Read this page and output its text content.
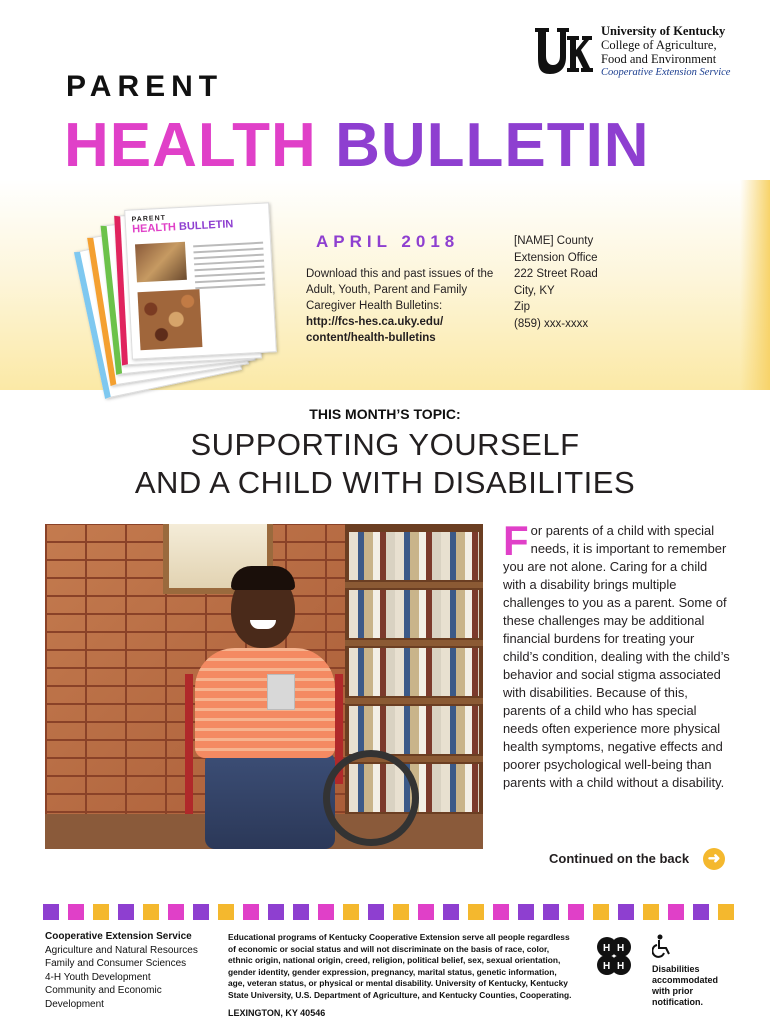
University of Kentucky
College of Agriculture,
Food and Environment
Cooperative Extension Service
PARENT
HEALTH BULLETIN
PARENT
HEALTH BULLETIN
APRIL 2018
Download this and past issues of the Adult, Youth, Parent and Family Caregiver Health Bulletins:
http://fcs-hes.ca.uky.edu/
content/health-bulletins
[NAME] County
Extension Office
222 Street Road
City, KY
Zip
(859) xxx-xxxx
THIS MONTH’S TOPIC:
SUPPORTING YOURSELF
AND A CHILD WITH DISABILITIES
For parents of a child with special needs, it is important to remember you are not alone. Caring for a child with a disability brings multiple challenges to you as a parent. Some of these challenges may be additional financial burdens for treating your child’s condition, dealing with the child’s behavior and social stigma associated with disabilities. Because of this, parents of a child who has special needs often experience more physical health symptoms, negative effects and poorer psychological well-being than parents with a child without a disability.
Continued on the back	➜
Cooperative Extension Service
Agriculture and Natural Resources
Family and Consumer Sciences
4-H Youth Development
Community and Economic Development
Educational programs of Kentucky Cooperative Extension serve all people regardless of economic or social status and will not discriminate on the basis of race, color, ethnic origin, national origin, creed, religion, political belief, sex, sexual orientation, gender identity, gender expression, pregnancy, marital status, genetic information, age, veteran status, or physical or mental disability. University of Kentucky, Kentucky State University, U.S. Department of Agriculture, and Kentucky Counties, Cooperating.
LEXINGTON, KY 40546
H H
H H	Disabilities
accommodated
with prior notification.
